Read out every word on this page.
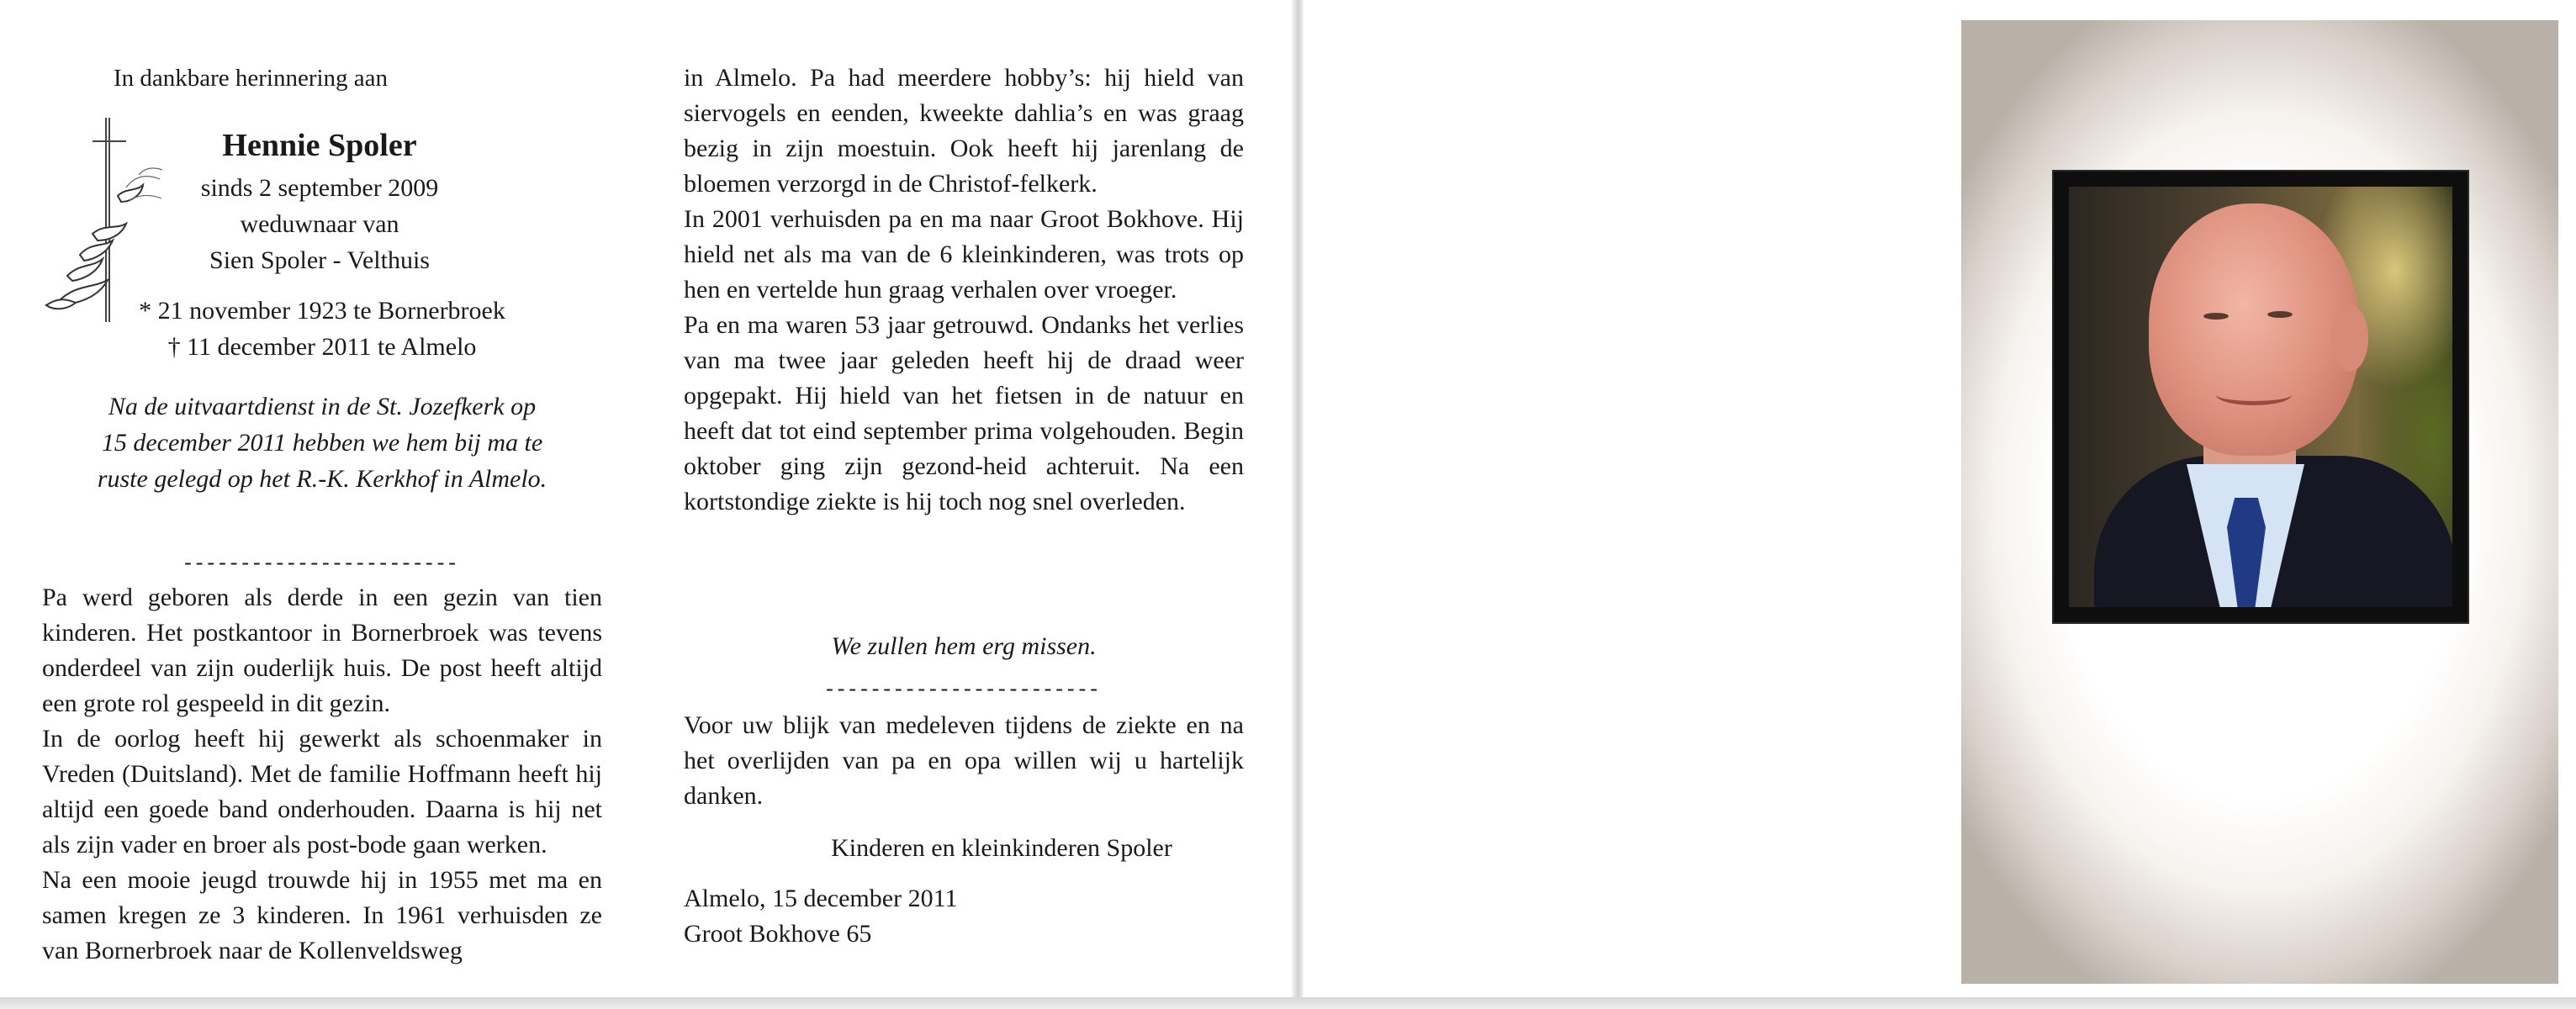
In dankbare herinnering aan
Hennie Spoler
sinds 2 september 2009
weduwnaar van
Sien Spoler - Velthuis
* 21 november 1923 te Bornerbroek
† 11 december 2011 te Almelo
Na de uitvaartdienst in de St. Jozefkerk op
15 december 2011 hebben we hem bij ma te
ruste gelegd op het R.-K. Kerkhof in Almelo.
------------------------

Pa werd geboren als derde in een gezin van tien kinderen. Het postkantoor in Bornerbroek was tevens onderdeel van zijn ouderlijk huis. De post heeft altijd een grote rol gespeeld in dit gezin.

In de oorlog heeft hij gewerkt als schoenmaker in Vreden (Duitsland). Met de familie Hoffmann heeft hij altijd een goede band onderhouden. Daarna is hij net als zijn vader en broer als post-bode gaan werken.

Na een mooie jeugd trouwde hij in 1955 met ma en samen kregen ze 3 kinderen. In 1961 verhuisden ze van Bornerbroek naar de Kollenveldsweg

in Almelo. Pa had meerdere hobby’s: hij hield van siervogels en eenden, kweekte dahlia’s en was graag bezig in zijn moestuin. Ook heeft hij jarenlang de bloemen verzorgd in de Christof-felkerk.

In 2001 verhuisden pa en ma naar Groot Bokhove. Hij hield net als ma van de 6 kleinkinderen, was trots op hen en vertelde hun graag verhalen over vroeger.

Pa en ma waren 53 jaar getrouwd. Ondanks het verlies van ma twee jaar geleden heeft hij de draad weer opgepakt. Hij hield van het fietsen in de natuur en heeft dat tot eind september prima volgehouden. Begin oktober ging zijn gezond-heid achteruit. Na een kortstondige ziekte is hij toch nog snel overleden.

We zullen hem erg missen.
------------------------
Voor uw blijk van medeleven tijdens de ziekte en na het overlijden van pa en opa willen wij u hartelijk danken.
Kinderen en kleinkinderen Spoler
Almelo, 15 december 2011
Groot Bokhove 65
